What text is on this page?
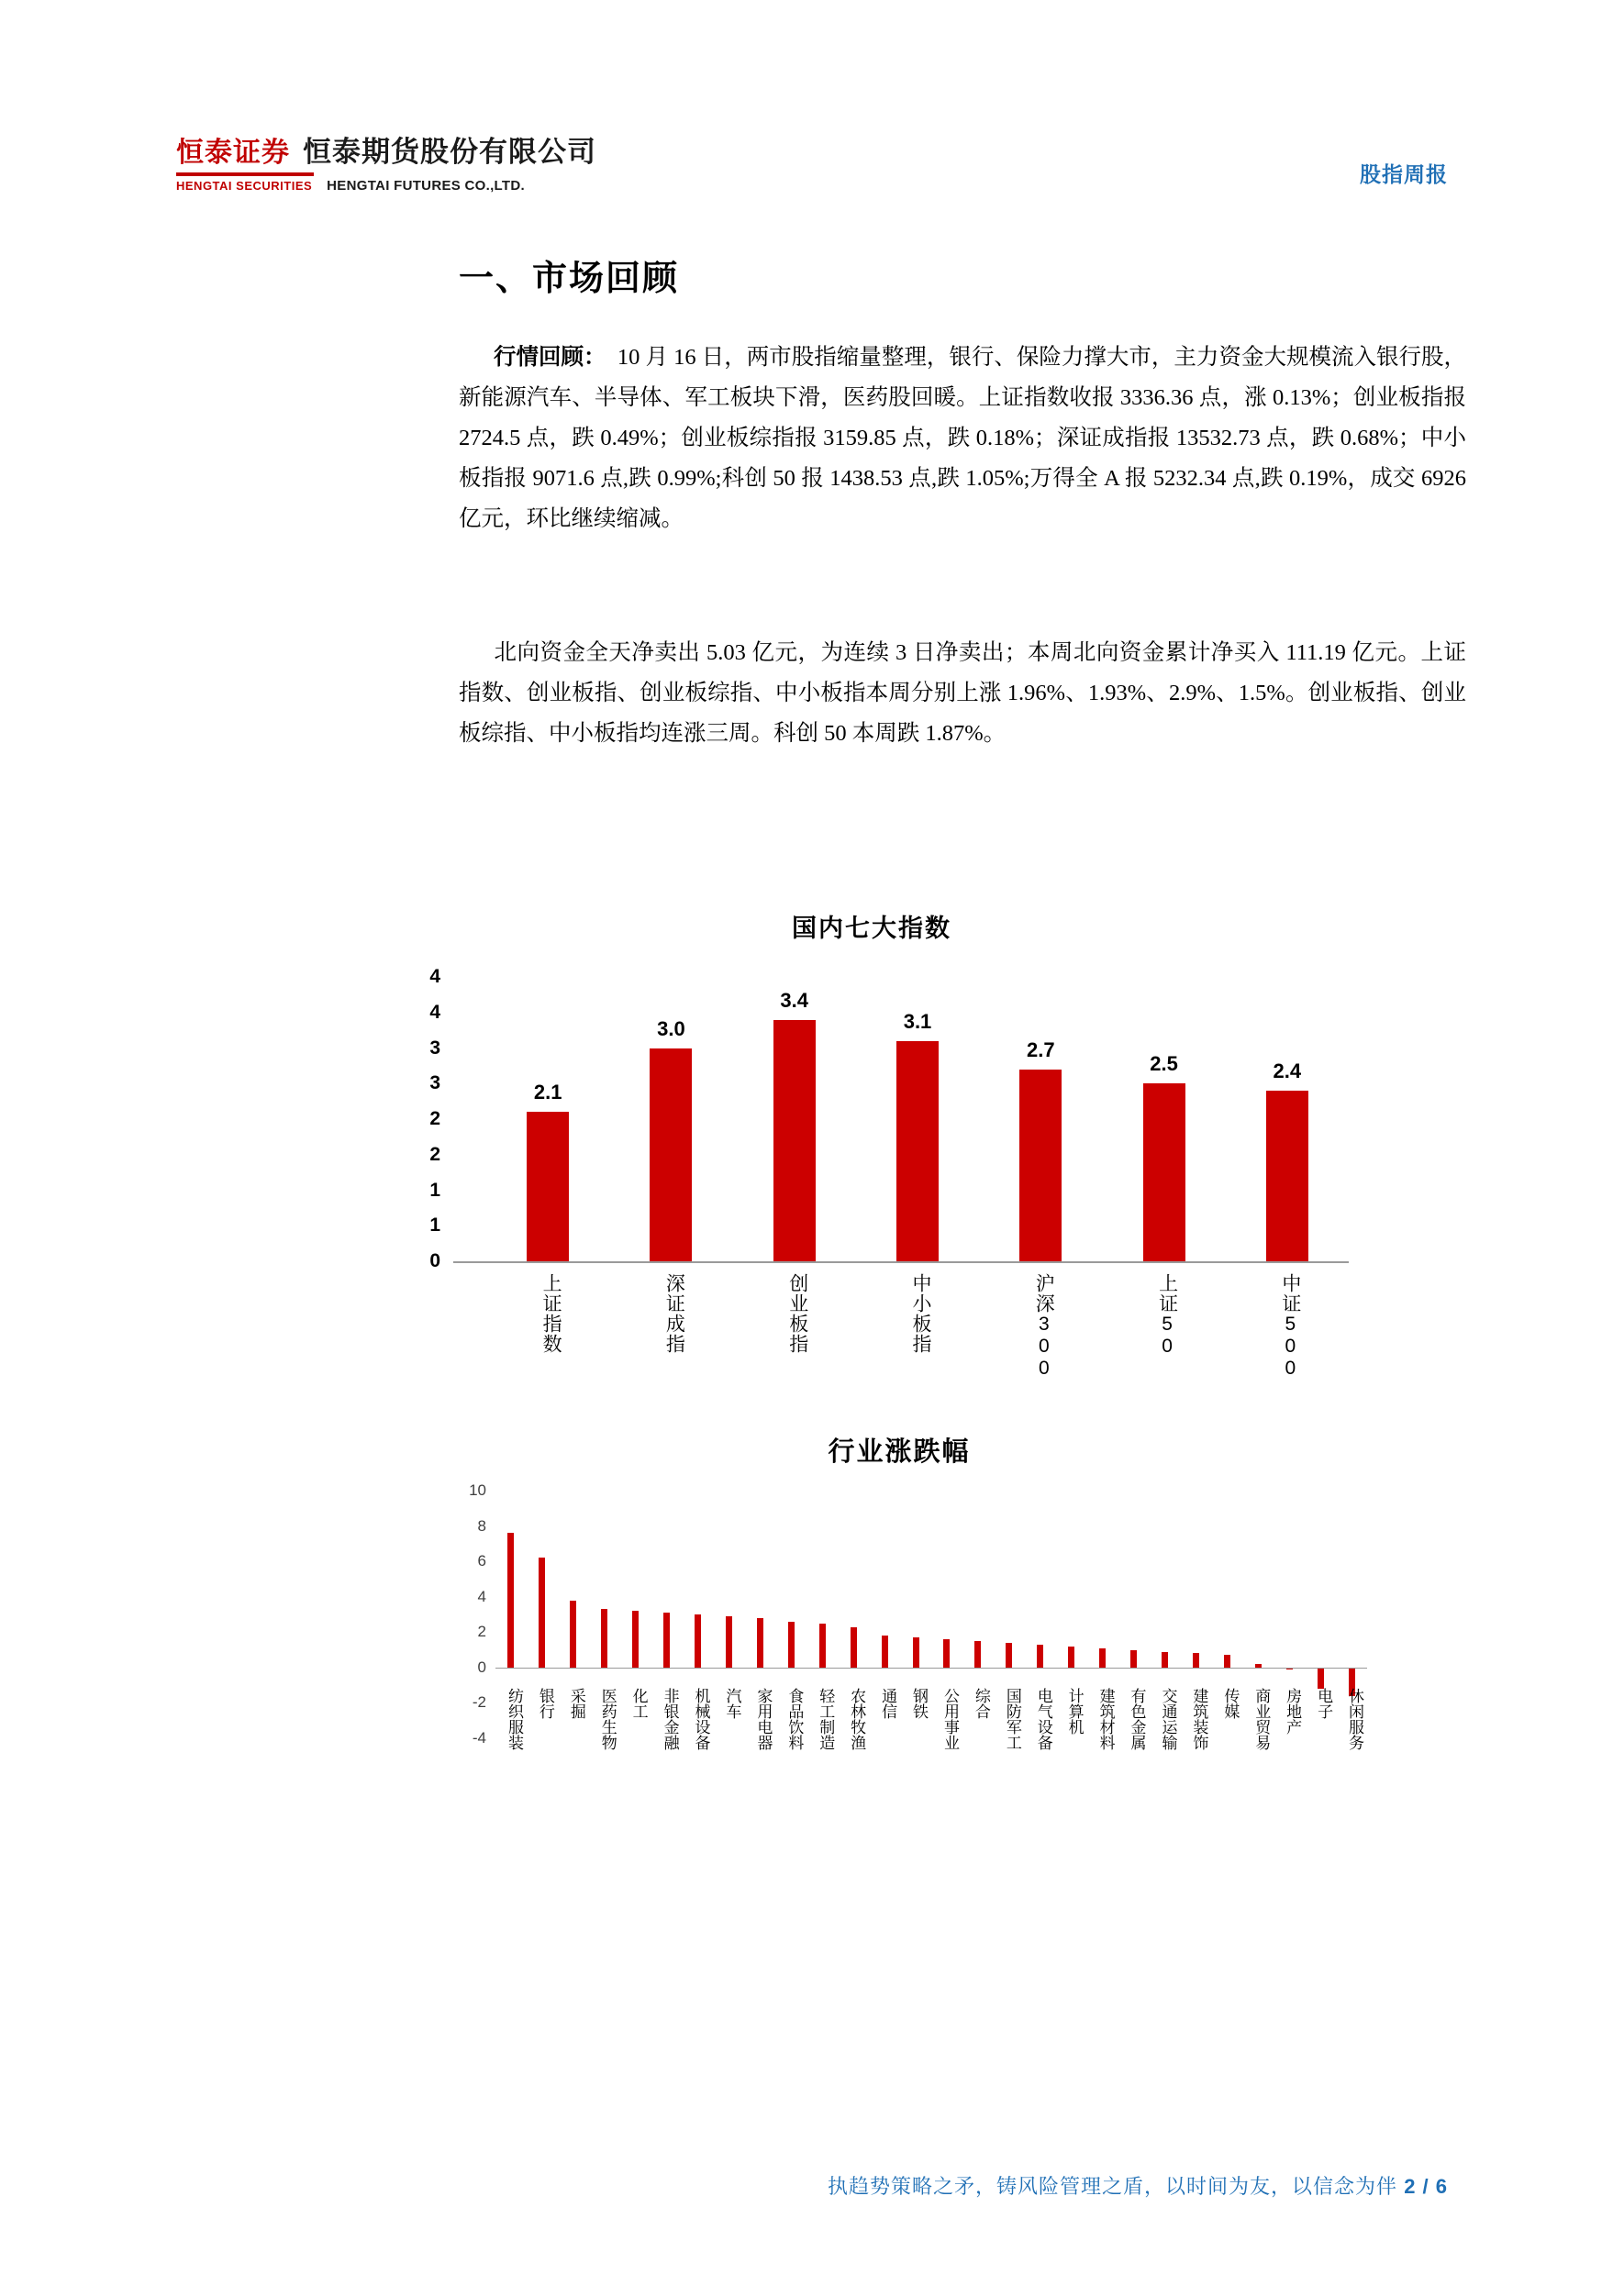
恒泰证券 恒泰期货股份有限公司
HENGTAI SECURITIES HENGTAI FUTURES CO.,LTD.	股指周报
一、市场回顾
行情回顾： 10 月 16 日，两市股指缩量整理，银行、保险力撑大市，主力资金大规模流入银行股，新能源汽车、半导体、军工板块下滑，医药股回暖。上证指数收报 3336.36 点，涨 0.13%；创业板指报 2724.5 点，跌 0.49%；创业板综指报 3159.85 点，跌 0.18%；深证成指报 13532.73 点，跌 0.68%；中小板指报 9071.6 点,跌 0.99%;科创 50 报 1438.53 点,跌 1.05%;万得全 A 报 5232.34 点,跌 0.19%，成交 6926 亿元，环比继续缩减。
北向资金全天净卖出 5.03 亿元，为连续 3 日净卖出；本周北向资金累计净买入 111.19 亿元。上证指数、创业板指、创业板综指、中小板指本周分别上涨 1.96%、1.93%、2.9%、1.5%。创业板指、创业板综指、中小板指均连涨三周。科创 50 本周跌 1.87%。
国内七大指数
4
4
3
3
2
2
1
1
0
2.1
3.0
3.4
3.1
2.7
2.5	2.4
上证指数	深证成指	创业板指	中小板指	沪深300	上证50	中证500
行业涨跌幅
10
8
6
4
2
0
-2
-4 纺织服装 银行 采掘 医药生物 化工 非银金融 机械设备 汽车 家用电器 食品饮料 轻工制造 农林牧渔 通信 钢铁 公用事业 综合 国防军工 电气设备 计算机 建筑材料 有色金属 交通运输 建筑装饰 传媒 商业贸易 房地产 电子 休闲服务
执趋势策略之矛，铸风险管理之盾，以时间为友，以信念为伴 2 / 6
